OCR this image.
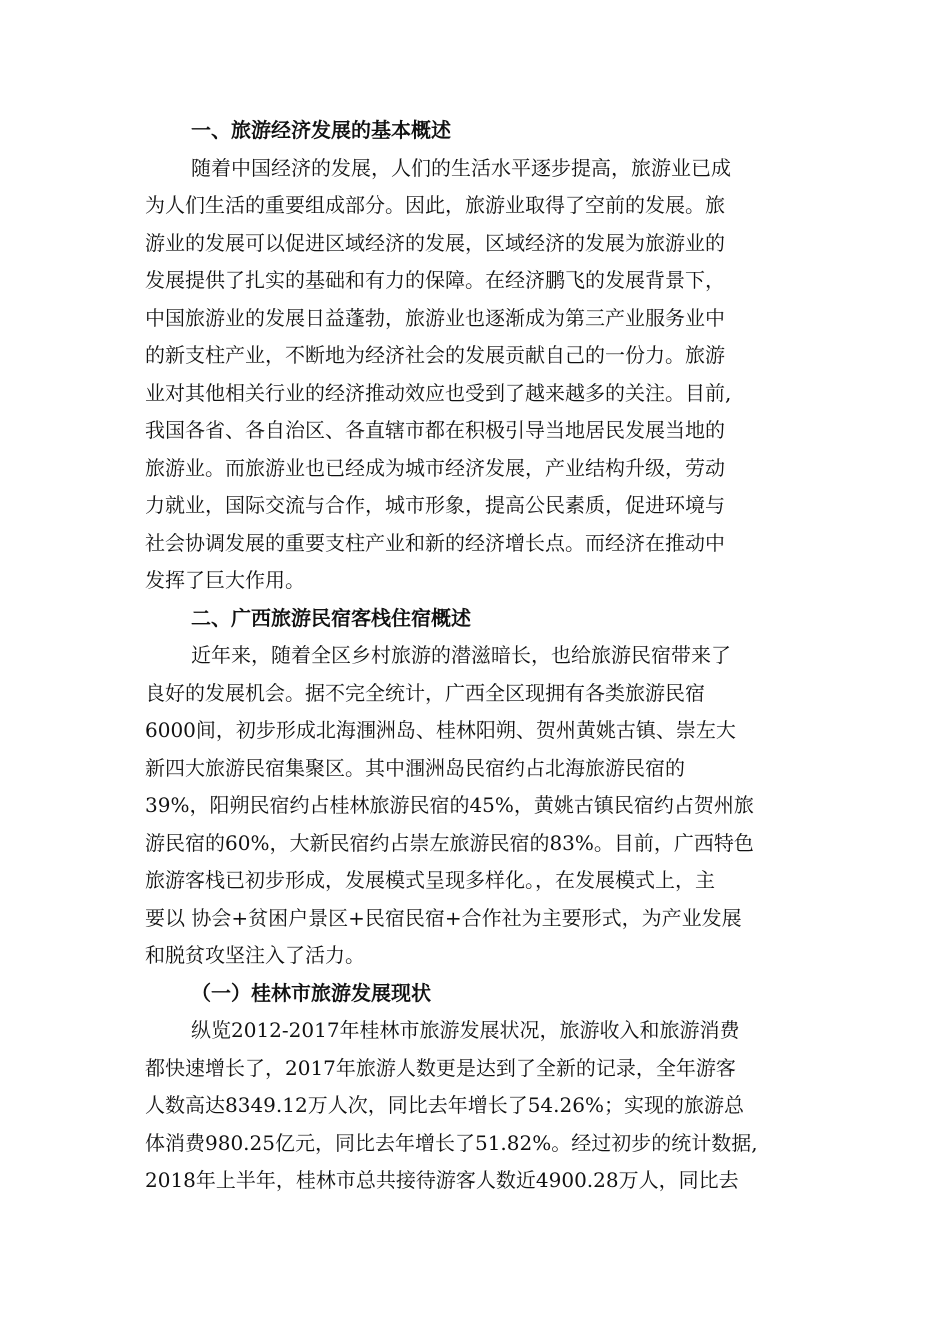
一、旅游经济发展的基本概述
随着中国经济的发展，人们的生活水平逐步提高，旅游业已成
为人们生活的重要组成部分。因此，旅游业取得了空前的发展。旅
游业的发展可以促进区域经济的发展，区域经济的发展为旅游业的
发展提供了扎实的基础和有力的保障。在经济鹏飞的发展背景下，
中国旅游业的发展日益蓬勃，旅游业也逐渐成为第三产业服务业中
的新支柱产业，不断地为经济社会的发展贡献自己的一份力。旅游
业对其他相关行业的经济推动效应也受到了越来越多的关注。目前,
我国各省、各自治区、各直辖市都在积极引导当地居民发展当地的
旅游业。而旅游业也已经成为城市经济发展，产业结构升级，劳动
力就业，国际交流与合作，城市形象，提高公民素质，促进环境与
社会协调发展的重要支柱产业和新的经济增长点。而经济在推动中
发挥了巨大作用。
二、广西旅游民宿客栈住宿概述
近年来，随着全区乡村旅游的潜滋暗长，也给旅游民宿带来了
良好的发展机会。据不完全统计，广西全区现拥有各类旅游民宿
6000间，初步形成北海涠洲岛、桂林阳朔、贺州黄姚古镇、崇左大
新四大旅游民宿集聚区。其中涠洲岛民宿约占北海旅游民宿的
39%，阳朔民宿约占桂林旅游民宿的45%，黄姚古镇民宿约占贺州旅
游民宿的60%，大新民宿约占崇左旅游民宿的83%。目前，广西特色
旅游客栈已初步形成，发展模式呈现多样化。，在发展模式上，主
要以 协会+贫困户景区+民宿民宿+合作社为主要形式，为产业发展
和脱贫攻坚注入了活力。
（一）桂林市旅游发展现状
纵览2012-2017年桂林市旅游发展状况，旅游收入和旅游消费
都快速增长了，2017年旅游人数更是达到了全新的记录，全年游客
人数高达8349.12万人次，同比去年增长了54.26%；实现的旅游总
体消费980.25亿元，同比去年增长了51.82%。经过初步的统计数据,
2018年上半年，桂林市总共接待游客人数近4900.28万人，同比去
